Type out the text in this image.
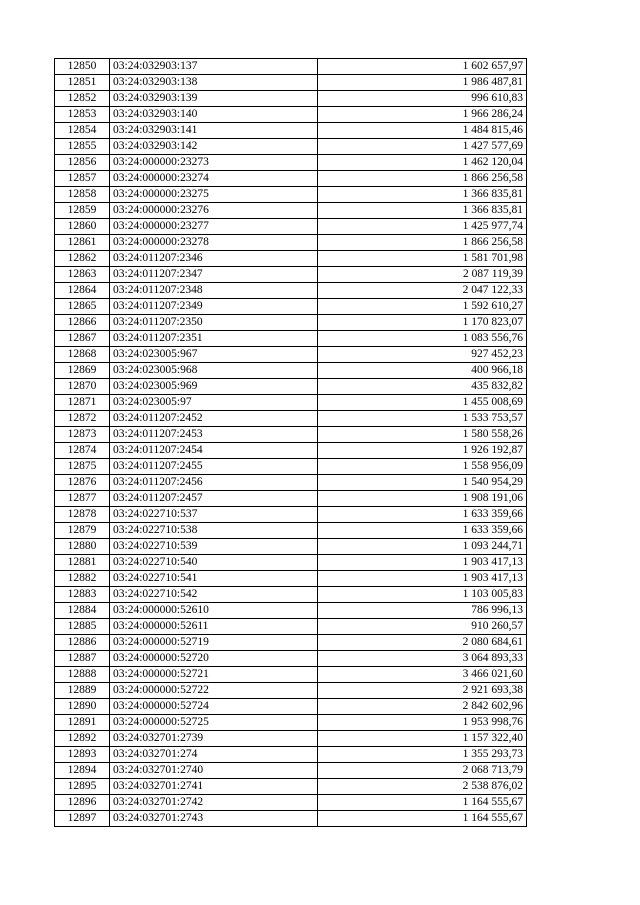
12850	03:24:032903:137	1 602 657,97
12851	03:24:032903:138	1 986 487,81
12852	03:24:032903:139	996 610,83
12853	03:24:032903:140	1 966 286,24
12854	03:24:032903:141	1 484 815,46
12855	03:24:032903:142	1 427 577,69
12856	03:24:000000:23273	1 462 120,04
12857	03:24:000000:23274	1 866 256,58
12858	03:24:000000:23275	1 366 835,81
12859	03:24:000000:23276	1 366 835,81
12860	03:24:000000:23277	1 425 977,74
12861	03:24:000000:23278	1 866 256,58
12862	03:24:011207:2346	1 581 701,98
12863	03:24:011207:2347	2 087 119,39
12864	03:24:011207:2348	2 047 122,33
12865	03:24:011207:2349	1 592 610,27
12866	03:24:011207:2350	1 170 823,07
12867	03:24:011207:2351	1 083 556,76
12868	03:24:023005:967	927 452,23
12869	03:24:023005:968	400 966,18
12870	03:24:023005:969	435 832,82
12871	03:24:023005:97	1 455 008,69
12872	03:24:011207:2452	1 533 753,57
12873	03:24:011207:2453	1 580 558,26
12874	03:24:011207:2454	1 926 192,87
12875	03:24:011207:2455	1 558 956,09
12876	03:24:011207:2456	1 540 954,29
12877	03:24:011207:2457	1 908 191,06
12878	03:24:022710:537	1 633 359,66
12879	03:24:022710:538	1 633 359,66
12880	03:24:022710:539	1 093 244,71
12881	03:24:022710:540	1 903 417,13
12882	03:24:022710:541	1 903 417,13
12883	03:24:022710:542	1 103 005,83
12884	03:24:000000:52610	786 996,13
12885	03:24:000000:52611	910 260,57
12886	03:24:000000:52719	2 080 684,61
12887	03:24:000000:52720	3 064 893,33
12888	03:24:000000:52721	3 466 021,60
12889	03:24:000000:52722	2 921 693,38
12890	03:24:000000:52724	2 842 602,96
12891	03:24:000000:52725	1 953 998,76
12892	03:24:032701:2739	1 157 322,40
12893	03:24:032701:274	1 355 293,73
12894	03:24:032701:2740	2 068 713,79
12895	03:24:032701:2741	2 538 876,02
12896	03:24:032701:2742	1 164 555,67
12897	03:24:032701:2743	1 164 555,67
